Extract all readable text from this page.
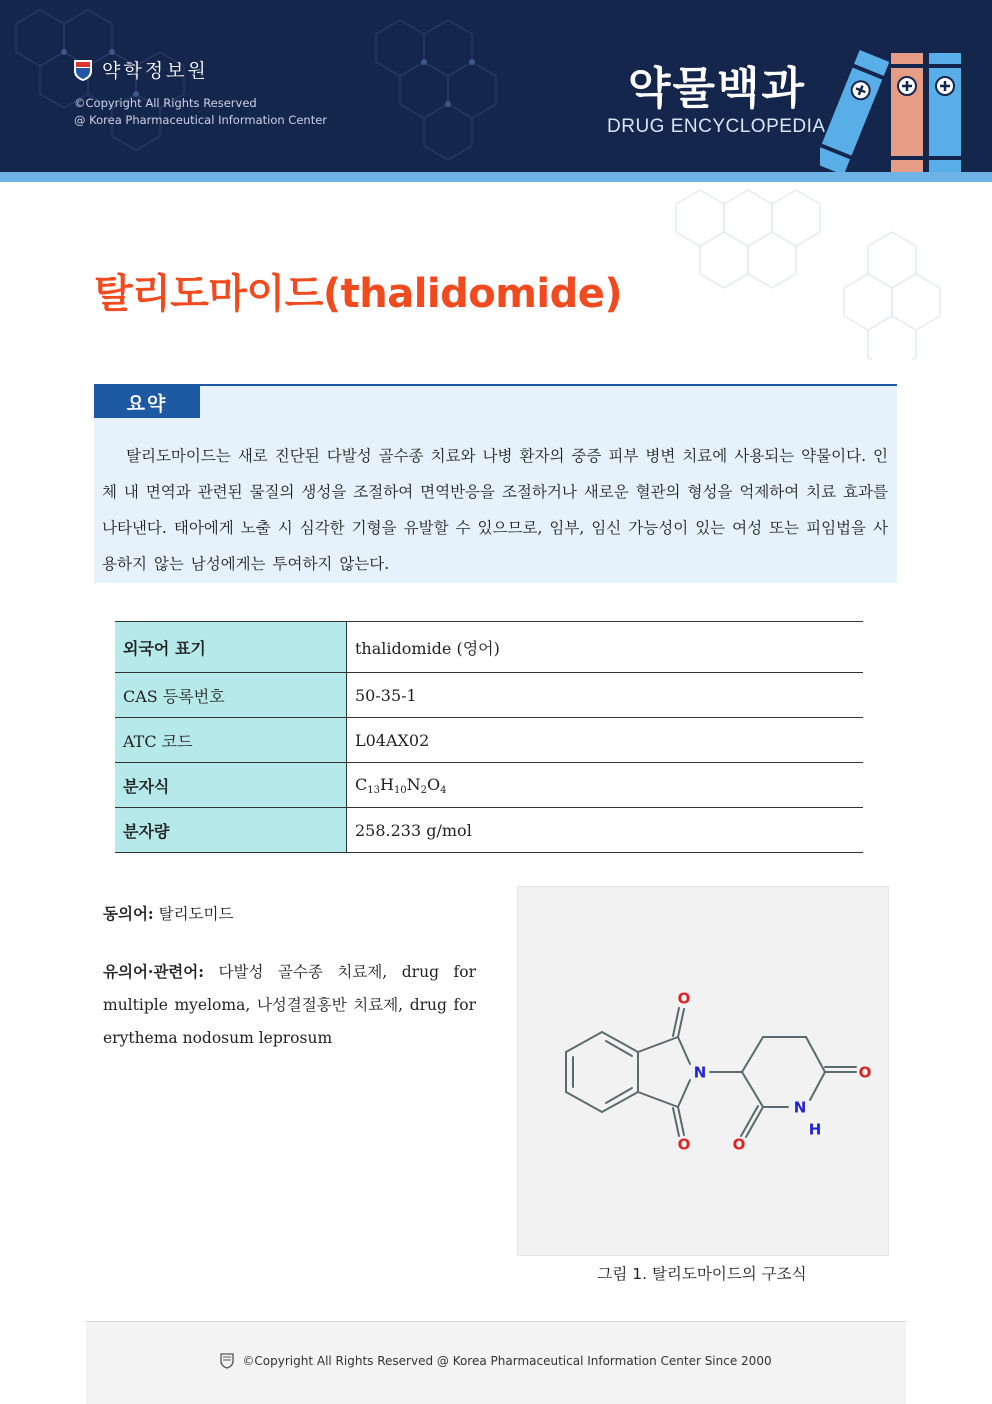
약학정보원
©Copyright All Rights Reserved
@ Korea Pharmaceutical Information Center
약물백과
DRUG ENCYCLOPEDIA
탈리도마이드(thalidomide)
요약
탈리도마이드는 새로 진단된 다발성 골수종 치료와 나병 환자의 중증 피부 병변 치료에 사용되는 약물이다. 인체 내 면역과 관련된 물질의 생성을 조절하여 면역반응을 조절하거나 새로운 혈관의 형성을 억제하여 치료 효과를 나타낸다. 태아에게 노출 시 심각한 기형을 유발할 수 있으므로, 임부, 임신 가능성이 있는 여성 또는 피임법을 사용하지 않는 남성에게는 투여하지 않는다.
외국어 표기	thalidomide (영어)
CAS 등록번호	50-35-1
ATC 코드	L04AX02
분자식	$C_{13}H_{10}N_2O_4$
분자량	258.233 g/mol
동의어: 탈리도미드
유의어·관련어: 다발성 골수종 치료제, drug for multiple myeloma, 나성결절홍반 치료제, drug for erythema nodosum leprosum
O
O
N	O
O
N
H
그림 1. 탈리도마이드의 구조식
©Copyright All Rights Reserved @ Korea Pharmaceutical Information Center Since 2000
